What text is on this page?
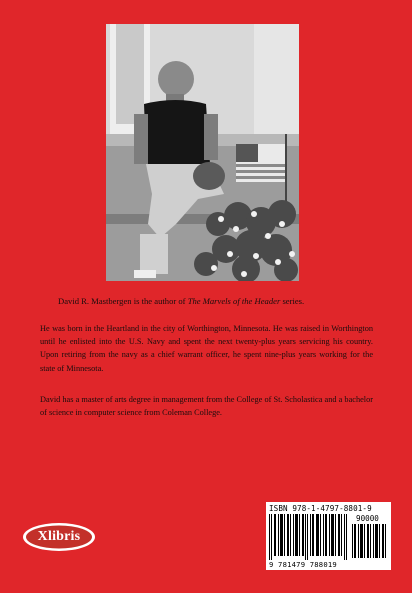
David R. Mastbergen is the author of The Marvels of the Header series.
He was born in the Heartland in the city of Worthington, Minnesota. He was raised in Worthington until he enlisted into the U.S. Navy and spent the next twenty-plus years servicing his country. Upon retiring from the navy as a chief warrant officer, he spent nine-plus years working for the state of Minnesota.
David has a master of arts degree in management from the College of St. Scholastica and a bachelor of science in computer science from Coleman College.
Xlibris
ISBN 978-1-4797-8801-9
90000
9 781479 788019
